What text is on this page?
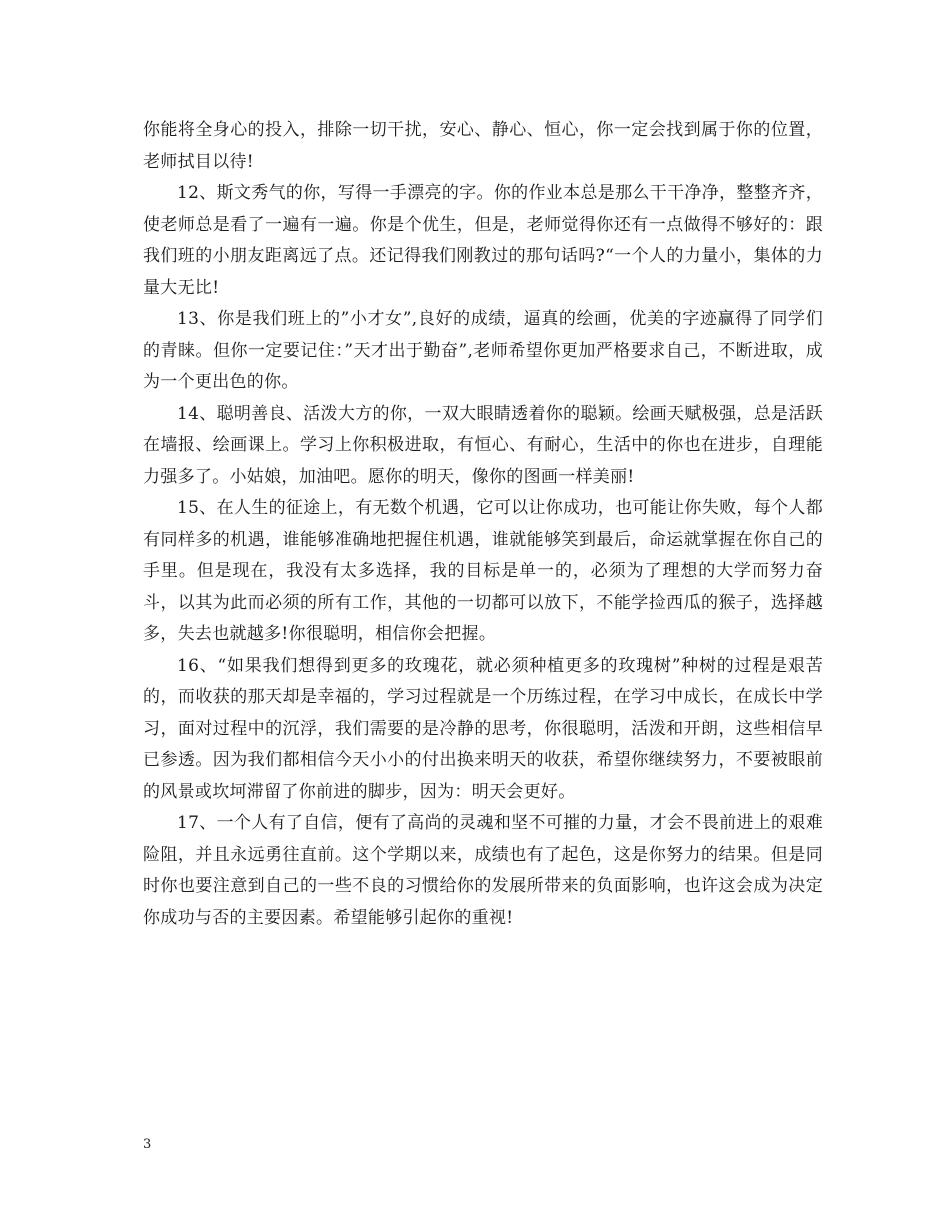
你能将全身心的投入，排除一切干扰，安心、静心、恒心，你一定会找到属于你的位置，老师拭目以待!

12、斯文秀气的你，写得一手漂亮的字。你的作业本总是那么干干净净，整整齐齐，使老师总是看了一遍有一遍。你是个优生，但是，老师觉得你还有一点做得不够好的：跟我们班的小朋友距离远了点。还记得我们刚教过的那句话吗?“一个人的力量小，集体的力量大无比!

13、你是我们班上的”小才女”,良好的成绩，逼真的绘画，优美的字迹赢得了同学们的青睐。但你一定要记住：”天才出于勤奋”,老师希望你更加严格要求自己，不断进取，成为一个更出色的你。

14、聪明善良、活泼大方的你，一双大眼睛透着你的聪颖。绘画天赋极强，总是活跃在墙报、绘画课上。学习上你积极进取，有恒心、有耐心，生活中的你也在进步，自理能力强多了。小姑娘，加油吧。愿你的明天，像你的图画一样美丽!

15、在人生的征途上，有无数个机遇，它可以让你成功，也可能让你失败，每个人都有同样多的机遇，谁能够准确地把握住机遇，谁就能够笑到最后，命运就掌握在你自己的手里。但是现在，我没有太多选择，我的目标是单一的，必须为了理想的大学而努力奋斗，以其为此而必须的所有工作，其他的一切都可以放下，不能学捡西瓜的猴子，选择越多，失去也就越多!你很聪明，相信你会把握。

16、“如果我们想得到更多的玫瑰花，就必须种植更多的玫瑰树”种树的过程是艰苦的，而收获的那天却是幸福的，学习过程就是一个历练过程，在学习中成长，在成长中学习，面对过程中的沉浮，我们需要的是冷静的思考，你很聪明，活泼和开朗，这些相信早已参透。因为我们都相信今天小小的付出换来明天的收获，希望你继续努力，不要被眼前的风景或坎坷滞留了你前进的脚步，因为：明天会更好。

17、一个人有了自信，便有了高尚的灵魂和坚不可摧的力量，才会不畏前进上的艰难险阻，并且永远勇往直前。这个学期以来，成绩也有了起色，这是你努力的结果。但是同时你也要注意到自己的一些不良的习惯给你的发展所带来的负面影响，也许这会成为决定你成功与否的主要因素。希望能够引起你的重视!

3
